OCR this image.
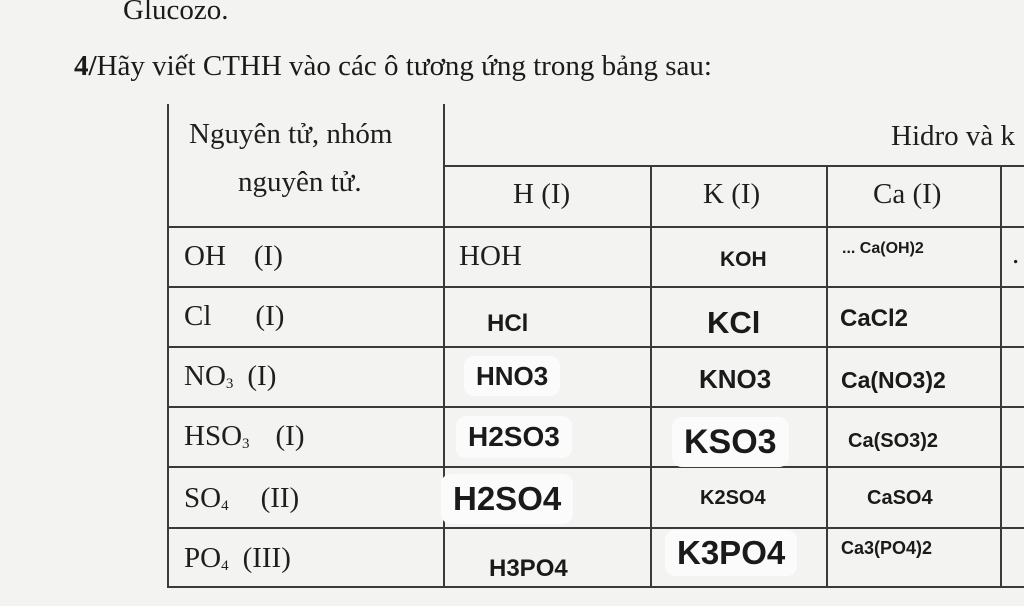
Glucozo.
4/Hãy viết CTHH vào các ô tương ứng trong bảng sau:
Nguyên tử, nhóm
nguyên tử.
Hidro và k
H (I)	K (I)	Ca (I)
OH (I)	HOH	KOH	... Ca(OH)2	.
Cl (I)	HCl	KCl	CaCl2
$NO_3$ (I)	HNO3	KNO3	Ca(NO3)2
$HSO_3$ (I)	H2SO3	KSO3	Ca(SO3)2
$SO_4$ (II)	H2SO4	K2SO4	CaSO4
$PO_4$ (III)	H3PO4	K3PO4	Ca3(PO4)2
